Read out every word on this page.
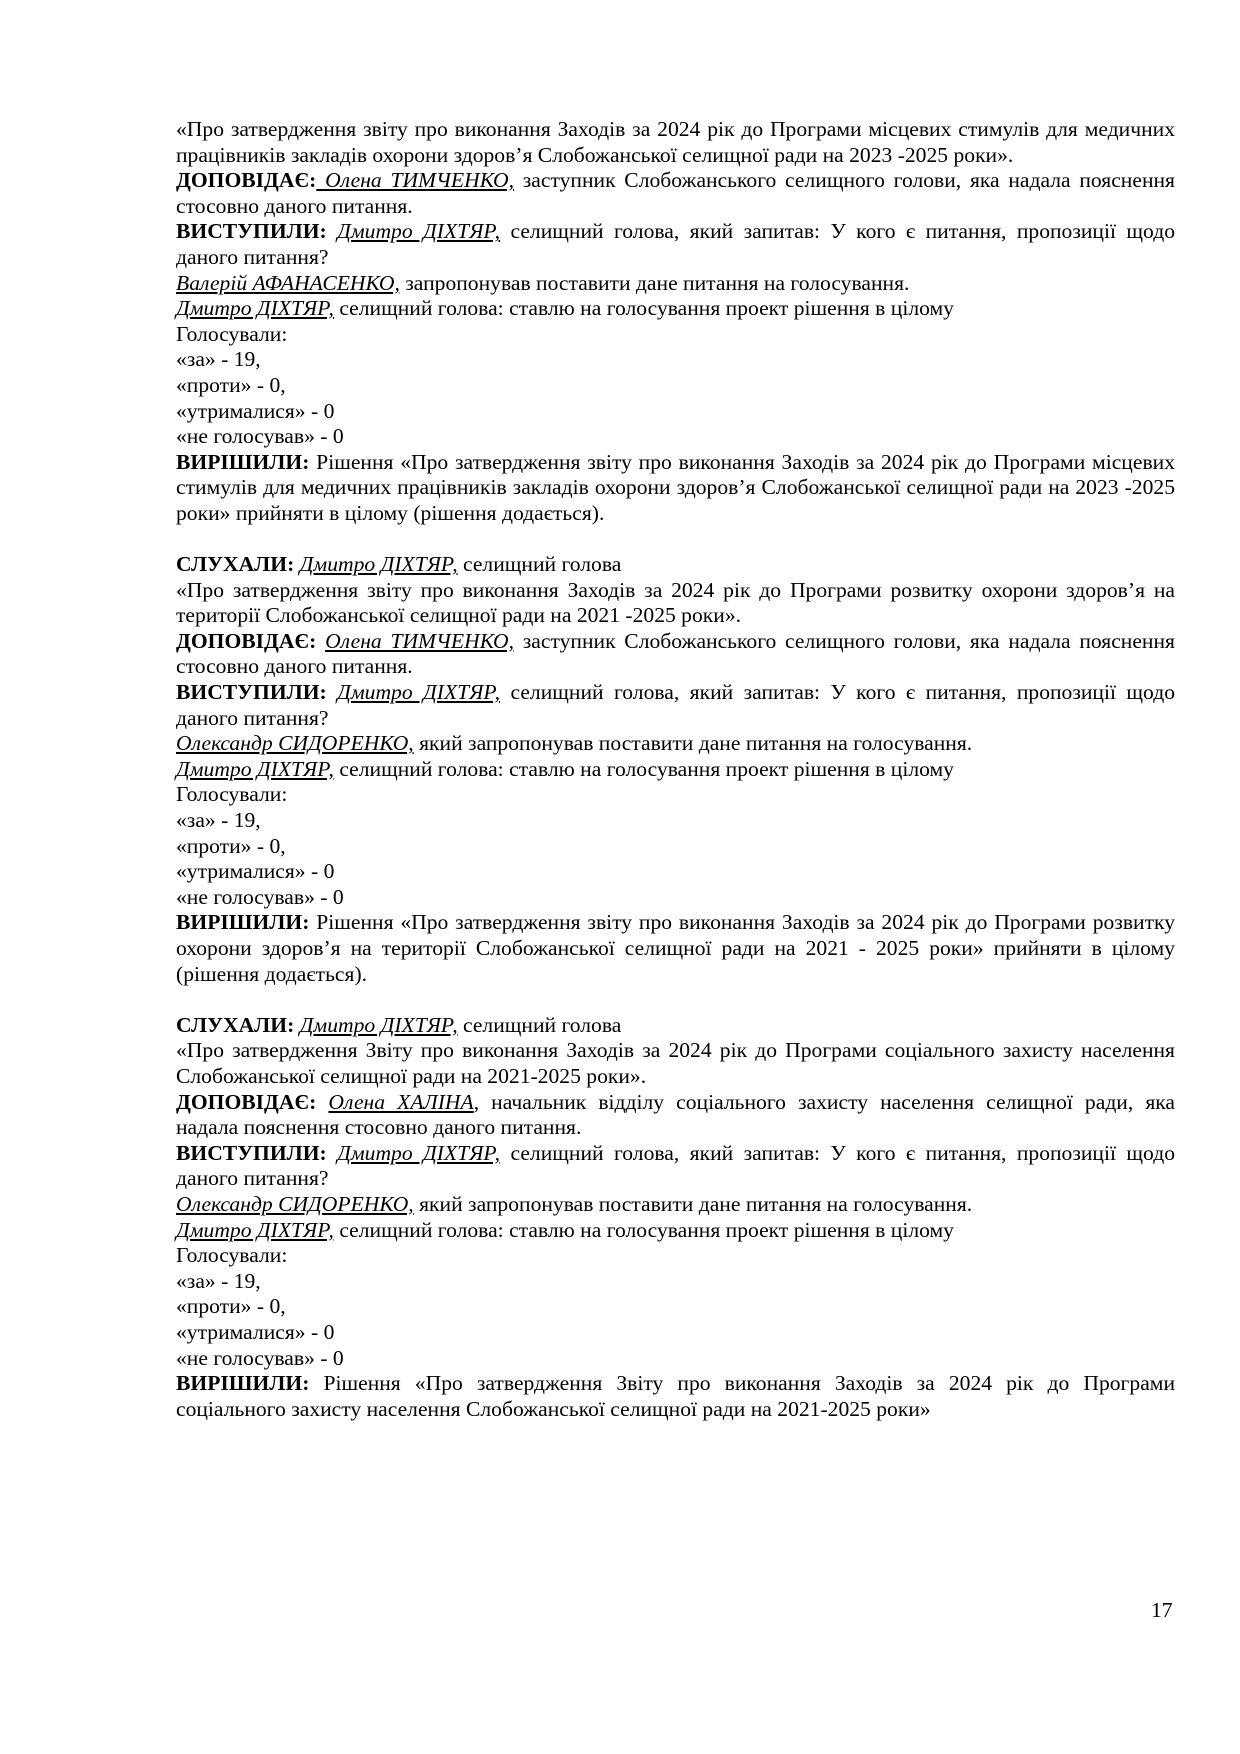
«Про затвердження звіту про виконання Заходів за 2024 рік до Програми місцевих стимулів для медичних працівників закладів охорони здоров’я Слобожанської селищної ради на 2023 -2025 роки».
ДОПОВІДАЄ: Олена ТИМЧЕНКО, заступник Слобожанського селищного голови, яка надала пояснення стосовно даного питання.
ВИСТУПИЛИ: Дмитро ДІХТЯР, селищний голова, який запитав: У кого є питання, пропозиції щодо даного питання?
Валерій АФАНАСЕНКО, запропонував поставити дане питання на голосування.
Дмитро ДІХТЯР, селищний голова: ставлю на голосування проект рішення в цілому
Голосували:
«за» - 19,
«проти» - 0,
«утрималися» - 0
«не голосував» - 0
ВИРІШИЛИ: Рішення «Про затвердження звіту про виконання Заходів за 2024 рік до Програми місцевих стимулів для медичних працівників закладів охорони здоров’я Слобожанської селищної ради на 2023 -2025 роки» прийняти в цілому (рішення додається).
СЛУХАЛИ: Дмитро ДІХТЯР, селищний голова
«Про затвердження звіту про виконання Заходів за 2024 рік до Програми розвитку охорони здоров’я на території Слобожанської селищної ради на 2021 -2025 роки».
ДОПОВІДАЄ: Олена ТИМЧЕНКО, заступник Слобожанського селищного голови, яка надала пояснення стосовно даного питання.
ВИСТУПИЛИ: Дмитро ДІХТЯР, селищний голова, який запитав: У кого є питання, пропозиції щодо даного питання?
Олександр СИДОРЕНКО, який запропонував поставити дане питання на голосування.
Дмитро ДІХТЯР, селищний голова: ставлю на голосування проект рішення в цілому
Голосували:
«за» - 19,
«проти» - 0,
«утрималися» - 0
«не голосував» - 0
ВИРІШИЛИ: Рішення «Про затвердження звіту про виконання Заходів за 2024 рік до Програми розвитку охорони здоров’я на території Слобожанської селищної ради на 2021 - 2025 роки» прийняти в цілому (рішення додається).
СЛУХАЛИ: Дмитро ДІХТЯР, селищний голова
«Про затвердження Звіту про виконання Заходів за 2024 рік до Програми соціального захисту населення Слобожанської селищної ради на 2021-2025 роки».
ДОПОВІДАЄ: Олена ХАЛІНА, начальник відділу соціального захисту населення селищної ради, яка надала пояснення стосовно даного питання.
ВИСТУПИЛИ: Дмитро ДІХТЯР, селищний голова, який запитав: У кого є питання, пропозиції щодо даного питання?
Олександр СИДОРЕНКО, який запропонував поставити дане питання на голосування.
Дмитро ДІХТЯР, селищний голова: ставлю на голосування проект рішення в цілому
Голосували:
«за» - 19,
«проти» - 0,
«утрималися» - 0
«не голосував» - 0
ВИРІШИЛИ: Рішення «Про затвердження Звіту про виконання Заходів за 2024 рік до Програми соціального захисту населення Слобожанської селищної ради на 2021-2025 роки»
17
